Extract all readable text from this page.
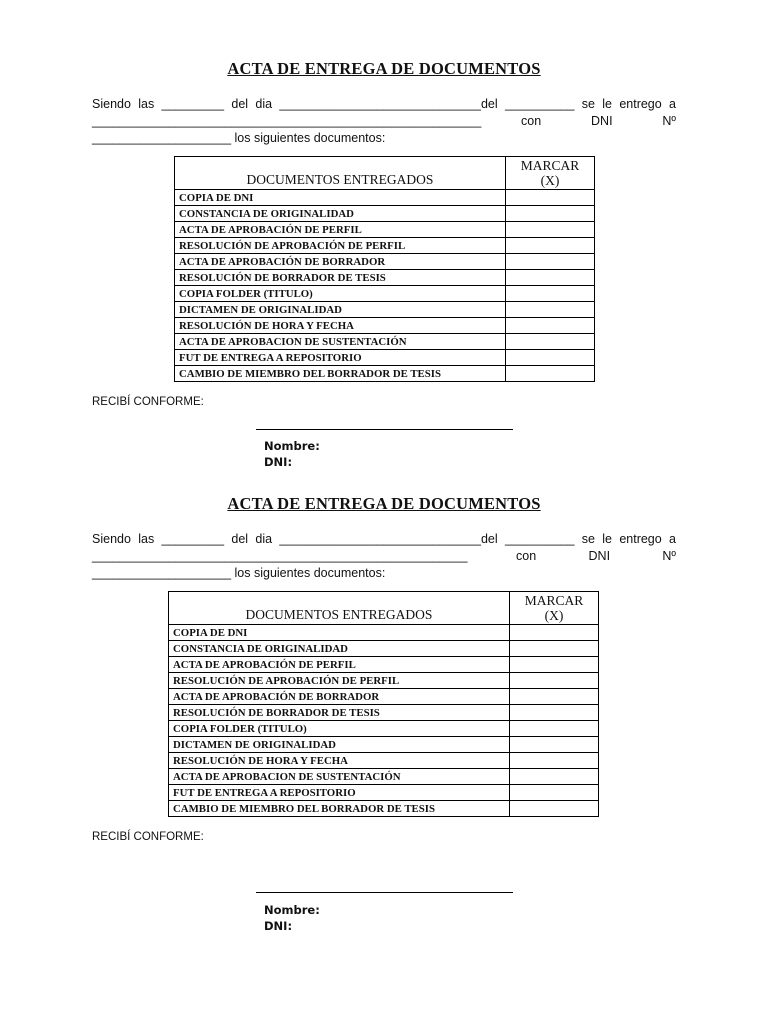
ACTA DE ENTREGA DE DOCUMENTOS
Siendo las _________ del dia _____________________________del __________ se le entrego a
________________________________________________________	con	DNI	Nº
____________________ los siguientes documentos:
DOCUMENTOS ENTREGADOS	MARCAR
(X)
COPIA DE DNI	
CONSTANCIA DE ORIGINALIDAD	
ACTA DE APROBACIÓN DE PERFIL	
RESOLUCIÓN DE APROBACIÓN DE PERFIL	
ACTA DE APROBACIÓN DE BORRADOR	
RESOLUCIÓN DE BORRADOR DE TESIS	
COPIA FOLDER (TITULO)	
DICTAMEN DE ORIGINALIDAD	
RESOLUCIÓN DE HORA Y FECHA	
ACTA DE APROBACION DE SUSTENTACIÓN	
FUT DE ENTREGA A REPOSITORIO	
CAMBIO DE MIEMBRO DEL BORRADOR DE TESIS	
RECIBÍ CONFORME:
Nombre:
DNI:
ACTA DE ENTREGA DE DOCUMENTOS
Siendo las _________ del dia _____________________________del __________ se le entrego a
______________________________________________________	con	DNI	Nº
____________________ los siguientes documentos:
DOCUMENTOS ENTREGADOS	MARCAR
(X)
COPIA DE DNI	
CONSTANCIA DE ORIGINALIDAD	
ACTA DE APROBACIÓN DE PERFIL	
RESOLUCIÓN DE APROBACIÓN DE PERFIL	
ACTA DE APROBACIÓN DE BORRADOR	
RESOLUCIÓN DE BORRADOR DE TESIS	
COPIA FOLDER (TITULO)	
DICTAMEN DE ORIGINALIDAD	
RESOLUCIÓN DE HORA Y FECHA	
ACTA DE APROBACION DE SUSTENTACIÓN	
FUT DE ENTREGA A REPOSITORIO	
CAMBIO DE MIEMBRO DEL BORRADOR DE TESIS	
RECIBÍ CONFORME:
Nombre:
DNI:
